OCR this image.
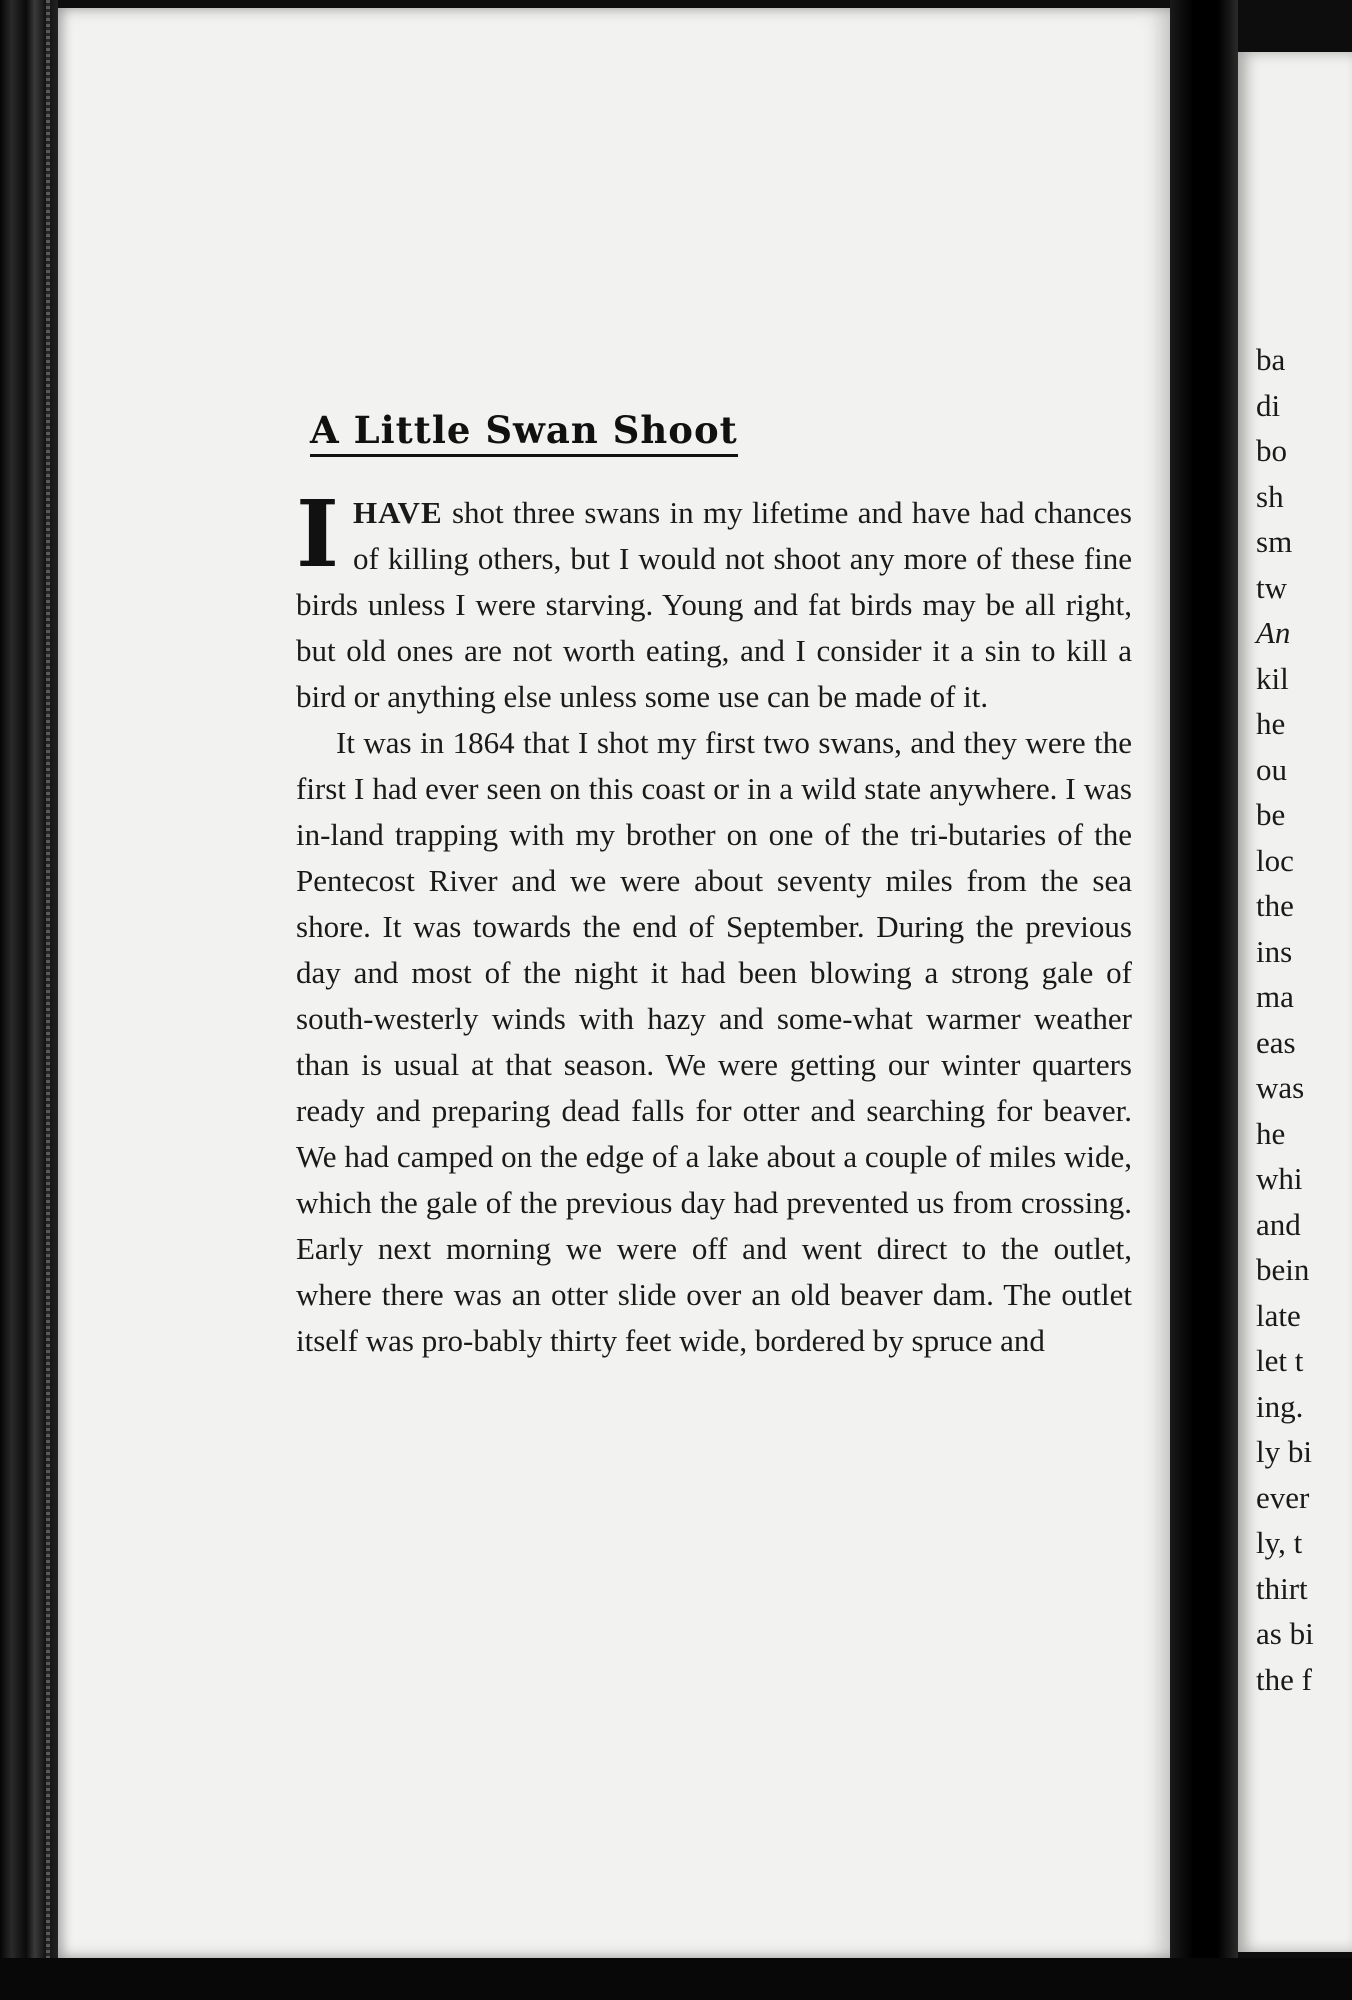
A Little Swan Shoot

I HAVE shot three swans in my lifetime and have had chances of killing others, but I would not shoot any more of these fine birds unless I were starving. Young and fat birds may be all right, but old ones are not worth eating, and I consider it a sin to kill a bird or anything else unless some use can be made of it.

It was in 1864 that I shot my first two swans, and they were the first I had ever seen on this coast or in a wild state anywhere. I was in-land trapping with my brother on one of the tri-butaries of the Pentecost River and we were about seventy miles from the sea shore. It was towards the end of September. During the previous day and most of the night it had been blowing a strong gale of south-westerly winds with hazy and some-what warmer weather than is usual at that season. We were getting our winter quarters ready and preparing dead falls for otter and searching for beaver. We had camped on the edge of a lake about a couple of miles wide, which the gale of the previous day had prevented us from crossing. Early next morning we were off and went direct to the outlet, where there was an otter slide over an old beaver dam. The outlet itself was pro-bably thirty feet wide, bordered by spruce and

ba
di
bo
sh
sm
tw
An
kil
he
ou
be
loc
the
ins
ma
eas
was
he
whi
and
bein
late
let t
ing.
ly bi
ever
ly, t
thirt
as bi
the f
